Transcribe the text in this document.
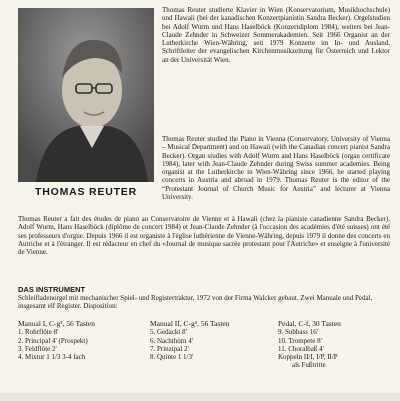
THOMAS REUTER
Thomas Reuter studierte Klavier in Wien (Konservatorium, Musikhochschule) und Hawaii (bei der kanadischen Konzertpianistin Sandra Becker). Orgelstudien bei Adolf Wurm und Hans Haselböck (Konzertdiplom 1984), weiters bei Jean-Claude Zehnder in Schweizer Sommerakademien. Seit 1966 Organist an der Lutherkirche Wien-Währing, seit 1979 Konzerte im In- und Ausland. Schriftleiter der evangelischen Kirchenmusikzeitung für Österreich und Lektor an der Universität Wien.
Thomas Reuter studied the Piano in Vienna (Conservatory, University of Vienna – Musical Department) and on Hawaii (with the Canadian concert pianist Sandra Becker). Organ studies with Adolf Wurm and Hans Haselböck (organ certificate 1984), later with Jean-Claude Zehnder during Swiss summer academies. Being organist at the Lutherkirche in Wien-Währing since 1966, he started playing concerts in Austria and abroad in 1979. Thomas Reuter is the editor of the “Protestant Journal of Church Music for Austria” and lecturer at Vienna University.
Thomas Reuter a fait des études de piano au Conservatoire de Vienne et à Hawaii (chez la pianiste canadienne Sandra Becker). Adolf Wurm, Hans Haselböck (diplôme de concert 1984) et Jean-Claude Zehnder (à l'occasion des académies d'été suisses) ont été ses professeurs d'orgue. Depuis 1966 il est organiste à l'église luthérienne de Vienne-Währing, depuis 1979 il donne des concerts en Autriche et à l'étranger. Il est rédacteur en chef du «Journal de musique sacrée protestant pour l'Autriche» et enseigne à l'université de Vienne.
DAS INSTRUMENT
Schleifladenorgel mit mechanischer Spiel- und Registertraktur, 1972 von der Firma Walcker gebaut. Zwei Manuale und Pedal, insgesamt elf Register. Disposition:
Manual I, C-g³, 56 Tasten
1. Rohrflöte 8'
2. Principal 4' (Prospekt)
3. Feldflöte 2'
4. Mixtur 1 1/3 3-4 fach
Manual II, C-g³, 56 Tasten
5. Gedackt 8'
6. Nachthorn 4'
7. Prinzipal 2'
8. Quinte 1 1/3'
Pedal, C-f, 30 Tasten
9. Subbass 16'
10. Trompete 8'
11. Choralbaß 4'
Koppeln II/I, I/P, II/P
als Fußtritte
